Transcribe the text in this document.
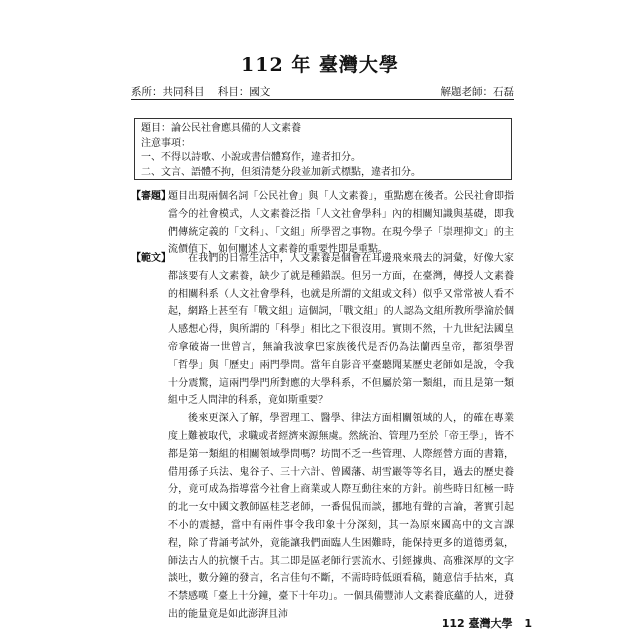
112 年 臺灣大學
系所：共同科目 科目：國文	解題老師：石磊
題目：論公民社會應具備的人文素養
注意事項：
一、不得以詩歌、小說或書信體寫作，違者扣分。
二、文言、語體不拘，但須清楚分段並加新式標點，違者扣分。
【審題】

題目出現兩個名詞「公民社會」與「人文素養」，重點應在後者。公民社會即指當今的社會模式，人文素養泛指「人文社會學科」內的相關知識與基礎，即我們傳統定義的「文科」、「文組」所學習之事物。在現今學子「崇理抑文」的主流價值下，如何闡述人文素養的重要性即是重點。

【範文】	在我們的日常生活中，人文素養是個會在耳邊飛來飛去的詞彙，好像大家都該要有人文素養，缺少了就是種錯誤。但另一方面，在臺灣，傳授人文素養的相關科系（人文社會學科，也就是所謂的文組或文科）似乎又常常被人看不起，網路上甚至有「戰文組」這個詞，「戰文組」的人認為文組所教所學淪於個人感想心得，與所謂的「科學」相比之下很沒用。實則不然，十九世紀法國皇帝拿破崙一世曾言，無論我波拿巴家族後代是否仍為法蘭西皇帝，都須學習「哲學」與「歷史」兩門學問。當年自影音平臺聽聞某歷史老師如是說，令我十分震驚，這兩門學門所對應的大學科系，不但屬於第一類組，而且是第一類組中乏人問津的科系，竟如斯重要？

後來更深入了解，學習理工、醫學、律法方面相關領域的人，的確在專業度上難被取代，求職或者經濟來源無虞。然統治、管理乃至於「帝王學」，皆不都是第一類組的相關領域學問嗎？坊間不乏一些管理、人際經營方面的書籍，借用孫子兵法、鬼谷子、三十六計、曾國藩、胡雪巖等等名目，過去的歷史養分，竟可成為指導當今社會上商業或人際互動往來的方針。前些時日紅極一時的北一女中國文教師區桂芝老師，一番侃侃而談，挪地有聲的言論，著實引起不小的震撼，當中有兩件事令我印象十分深刻，其一為原來國高中的文言課程，除了背誦考試外，竟能讓我們面臨人生困難時，能保持更多的道德勇氣，師法古人的抗懷千古。其二即是區老師行雲流水、引經據典、高雅深厚的文字談吐，數分鐘的發言，名言佳句不斷，不需時時低頭看稿，隨意信手拈來，真不禁感嘆「臺上十分鐘，臺下十年功」。一個具備豐沛人文素養底蘊的人，迸發出的能量竟是如此澎湃且沛

112 臺灣大學 1
